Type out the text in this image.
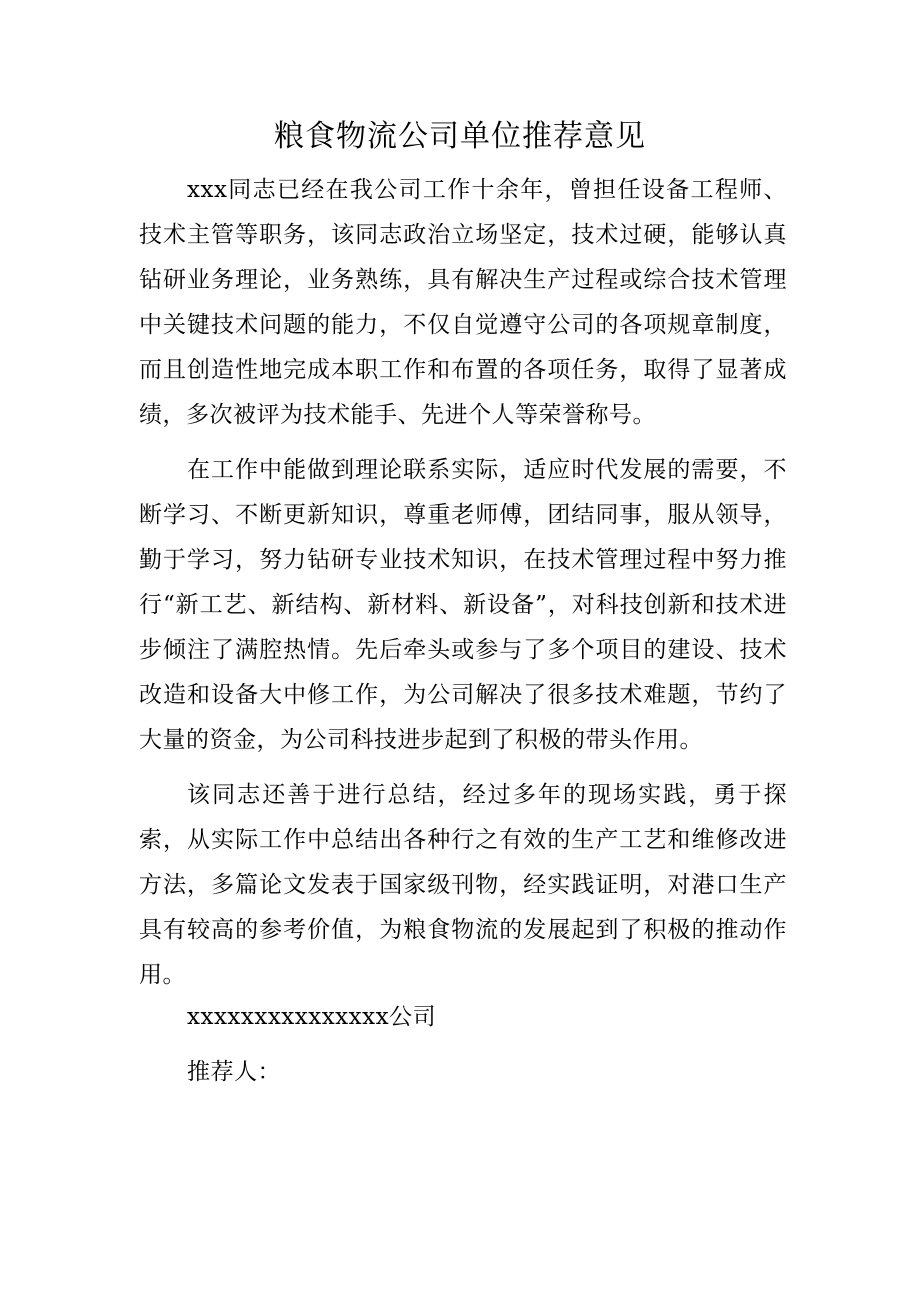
粮食物流公司单位推荐意见

xxx同志已经在我公司工作十余年，曾担任设备工程师、技术主管等职务，该同志政治立场坚定，技术过硬，能够认真钻研业务理论，业务熟练，具有解决生产过程或综合技术管理中关键技术问题的能力，不仅自觉遵守公司的各项规章制度，而且创造性地完成本职工作和布置的各项任务，取得了显著成绩，多次被评为技术能手、先进个人等荣誉称号。

在工作中能做到理论联系实际，适应时代发展的需要，不断学习、不断更新知识，尊重老师傅，团结同事，服从领导，勤于学习，努力钻研专业技术知识，在技术管理过程中努力推行“新工艺、新结构、新材料、新设备”，对科技创新和技术进步倾注了满腔热情。先后牵头或参与了多个项目的建设、技术改造和设备大中修工作，为公司解决了很多技术难题，节约了大量的资金，为公司科技进步起到了积极的带头作用。

该同志还善于进行总结，经过多年的现场实践，勇于探索，从实际工作中总结出各种行之有效的生产工艺和维修改进方法，多篇论文发表于国家级刊物，经实践证明，对港口生产具有较高的参考价值，为粮食物流的发展起到了积极的推动作用。

xxxxxxxxxxxxxxx公司

推荐人：
